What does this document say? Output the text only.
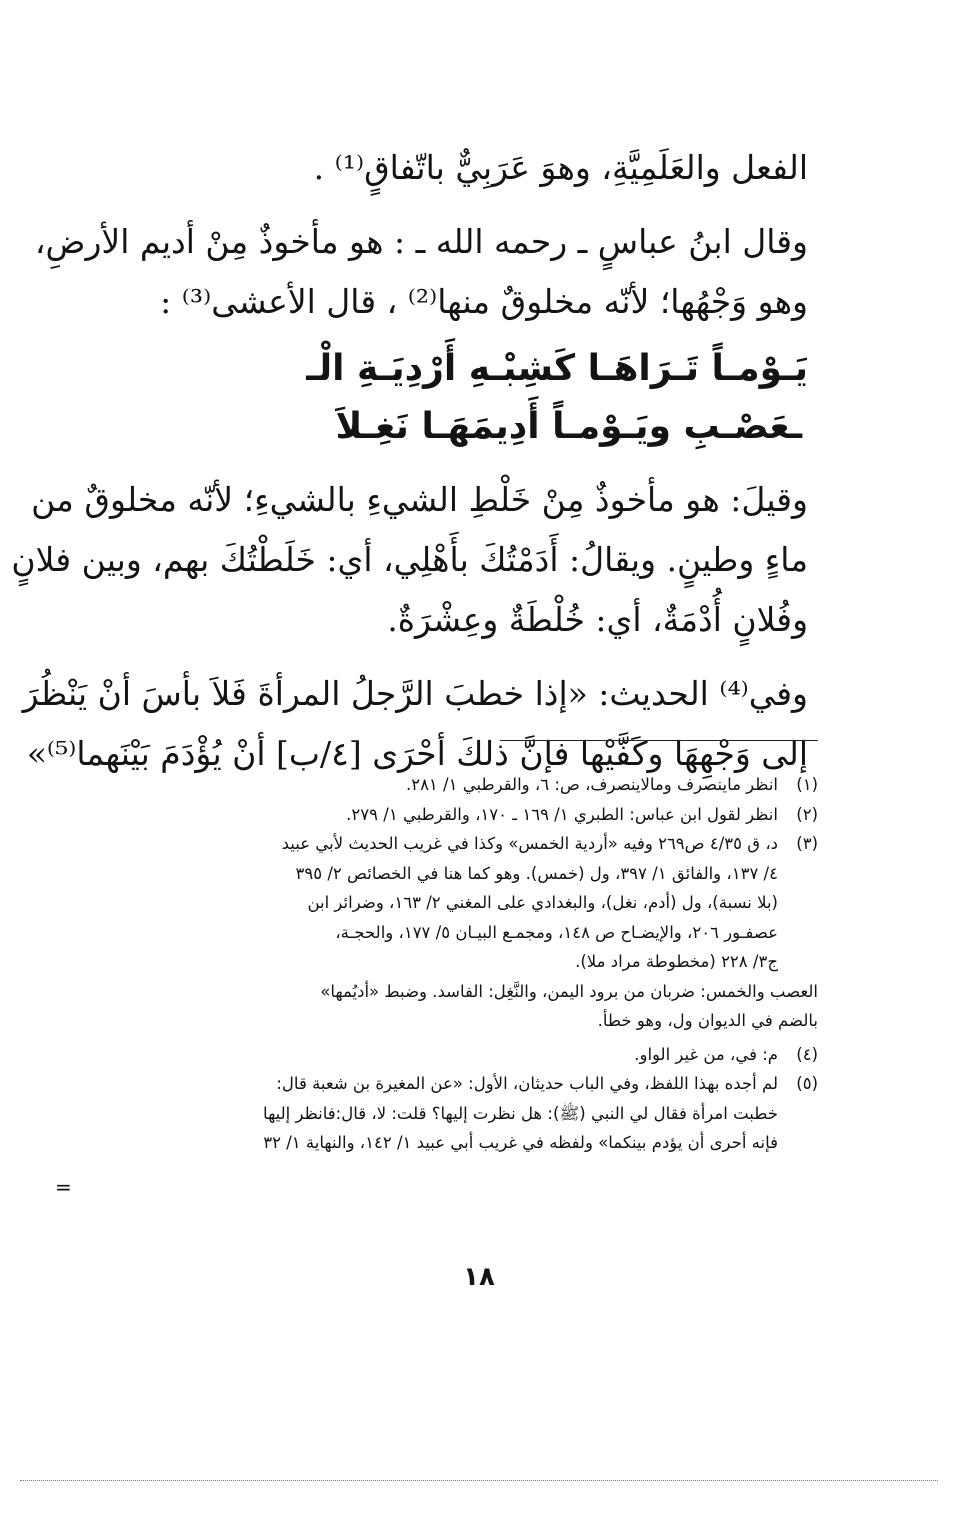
الفعل والعَلَمِيَّةِ، وهوَ عَرَبِيٌّ باتّفاقٍ⁽¹⁾ .
وقال ابنُ عباسٍ ـ رحمه الله ـ : هو مأخوذٌ مِنْ أديم الأرضِ،
وهو وَجْهُها؛ لأنّه مخلوقٌ منها⁽²⁾ ، قال الأعشى⁽³⁾ :
يَـوْمـاً تَـرَاهَـا كَشِبْـهِ أَرْدِيَـةِ الْـ
ـعَصْـبِ ويَـوْمـاً أَدِيمَهَـا نَغِـلاَ
وقيلَ: هو مأخوذٌ مِنْ خَلْطِ الشيءِ بالشيءِ؛ لأنّه مخلوقٌ من
ماءٍ وطينٍ. ويقالُ: أَدَمْتُكَ بأَهْلِي، أي: خَلَطْتُكَ بهم، وبين فلانٍ
وفُلانٍ أُدْمَةٌ، أي: خُلْطَةٌ وعِشْرَةٌ.
وفي⁽⁴⁾ الحديث: «إذا خطبَ الرَّجلُ المرأةَ فَلاَ بأسَ أنْ يَنْظُرَ
إلى وَجْهِهَا وكَفَّيْها فإنَّ ذلكَ أحْرَى [٤/ب] أنْ يُؤْدَمَ بَيْنَهما⁽⁵⁾»
(١)
انظر ماينصرف ومالاينصرف، ص: ٦، والقرطبي ١/ ٢٨١.
(٢)
انظر لقول ابن عباس: الطبري ١/ ١٦٩ ـ ١٧٠، والقرطبي ١/ ٢٧٩.
(٣)
د، ق ٤/٣٥ ص٢٦٩ وفيه «أردية الخمس» وكذا في غريب الحديث لأبي عبيد
٤/ ١٣٧، والفائق ١/ ٣٩٧، ول (خمس). وهو كما هنا في الخصائص ٢/ ٣٩٥
(بلا نسبة)، ول (أدم، نغل)، والبغدادي على المغني ٢/ ١٦٣، وضرائر ابن
عصفـور ٢٠٦، والإيضـاح ص ١٤٨، ومجمـع البيـان ٥/ ١٧٧، والحجـة،
ج٣/ ٢٢٨ (مخطوطة مراد ملا).
العصب والخمس: ضربان من برود اليمن، والنَّغِل: الفاسد. وضبط «أديُمها»
بالضم في الديوان ول، وهو خطأ.
(٤)
م: في، من غير الواو.
(٥)
لم أجده بهذا اللفظ، وفي الباب حديثان، الأول: «عن المغيرة بن شعبة قال:
خطبت امرأة فقال لي النبي (ﷺ): هل نظرت إليها؟ قلت: لا، قال:فانظر إليها
فإنه أحرى أن يؤدم بينكما» ولفظه في غريب أبي عبيد ١/ ١٤٢، والنهاية ١/ ٣٢
=
١٨
